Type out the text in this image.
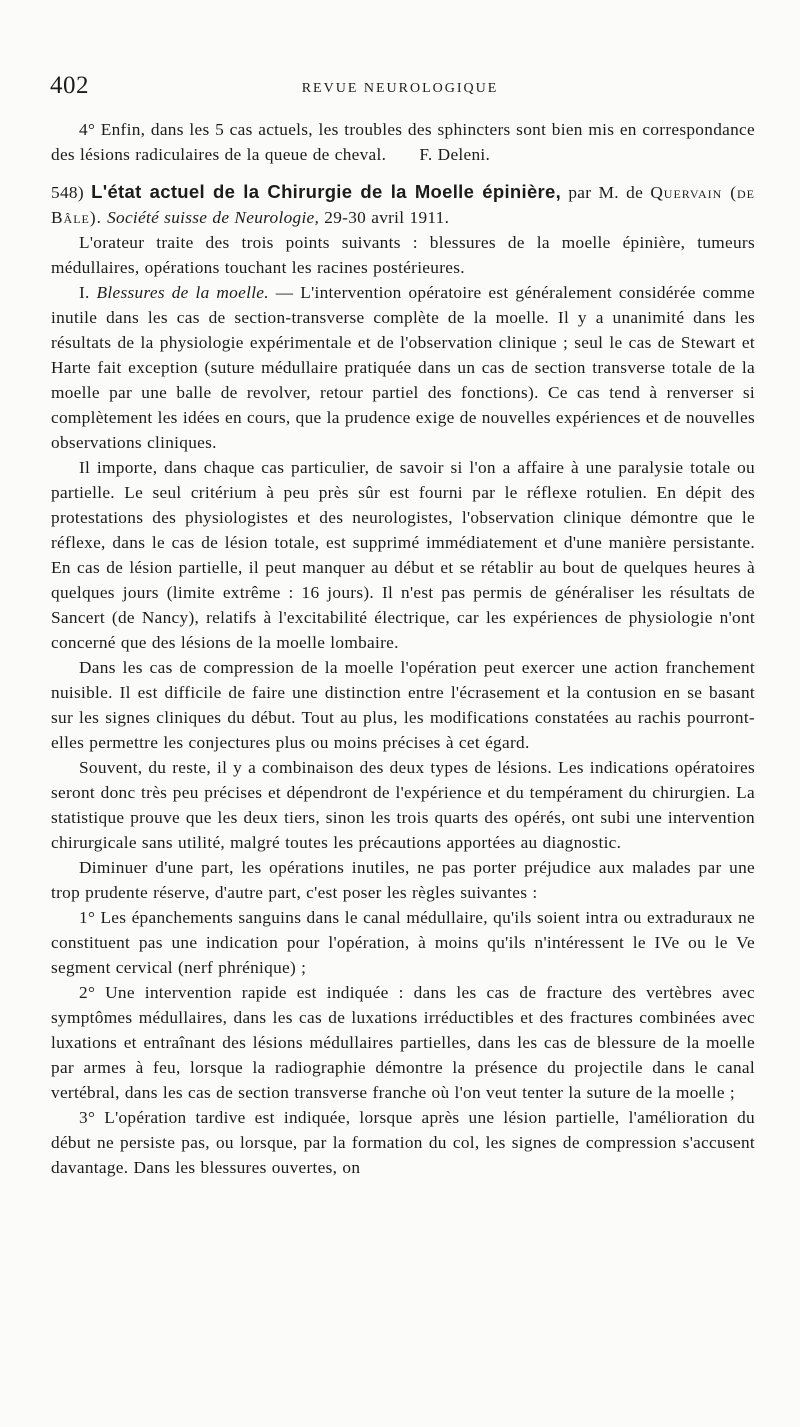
402	REVUE NEUROLOGIQUE

4° Enfin, dans les 5 cas actuels, les troubles des sphincters sont bien mis en correspondance des lésions radiculaires de la queue de cheval. F. Deleni.

548) L'état actuel de la Chirurgie de la Moelle épinière, par M. de Quervain (de Bâle). Société suisse de Neurologie, 29-30 avril 1911.

L'orateur traite des trois points suivants : blessures de la moelle épinière, tumeurs médullaires, opérations touchant les racines postérieures.

I. Blessures de la moelle. — L'intervention opératoire est généralement considérée comme inutile dans les cas de section-transverse complète de la moelle. Il y a unanimité dans les résultats de la physiologie expérimentale et de l'observation clinique ; seul le cas de Stewart et Harte fait exception (suture médullaire pratiquée dans un cas de section transverse totale de la moelle par une balle de revolver, retour partiel des fonctions). Ce cas tend à renverser si complètement les idées en cours, que la prudence exige de nouvelles expériences et de nouvelles observations cliniques.

Il importe, dans chaque cas particulier, de savoir si l'on a affaire à une paralysie totale ou partielle. Le seul critérium à peu près sûr est fourni par le réflexe rotulien. En dépit des protestations des physiologistes et des neurologistes, l'observation clinique démontre que le réflexe, dans le cas de lésion totale, est supprimé immédiatement et d'une manière persistante. En cas de lésion partielle, il peut manquer au début et se rétablir au bout de quelques heures à quelques jours (limite extrême : 16 jours). Il n'est pas permis de généraliser les résultats de Sancert (de Nancy), relatifs à l'excitabilité électrique, car les expériences de physiologie n'ont concerné que des lésions de la moelle lombaire.

Dans les cas de compression de la moelle l'opération peut exercer une action franchement nuisible. Il est difficile de faire une distinction entre l'écrasement et la contusion en se basant sur les signes cliniques du début. Tout au plus, les modifications constatées au rachis pourront-elles permettre les conjectures plus ou moins précises à cet égard.

Souvent, du reste, il y a combinaison des deux types de lésions. Les indications opératoires seront donc très peu précises et dépendront de l'expérience et du tempérament du chirurgien. La statistique prouve que les deux tiers, sinon les trois quarts des opérés, ont subi une intervention chirurgicale sans utilité, malgré toutes les précautions apportées au diagnostic.

Diminuer d'une part, les opérations inutiles, ne pas porter préjudice aux malades par une trop prudente réserve, d'autre part, c'est poser les règles suivantes :

1° Les épanchements sanguins dans le canal médullaire, qu'ils soient intra ou extraduraux ne constituent pas une indication pour l'opération, à moins qu'ils n'intéressent le IVe ou le Ve segment cervical (nerf phrénique) ;

2° Une intervention rapide est indiquée : dans les cas de fracture des vertèbres avec symptômes médullaires, dans les cas de luxations irréductibles et des fractures combinées avec luxations et entraînant des lésions médullaires partielles, dans les cas de blessure de la moelle par armes à feu, lorsque la radiographie démontre la présence du projectile dans le canal vertébral, dans les cas de section transverse franche où l'on veut tenter la suture de la moelle ;

3° L'opération tardive est indiquée, lorsque après une lésion partielle, l'amélioration du début ne persiste pas, ou lorsque, par la formation du col, les signes de compression s'accusent davantage. Dans les blessures ouvertes, on
